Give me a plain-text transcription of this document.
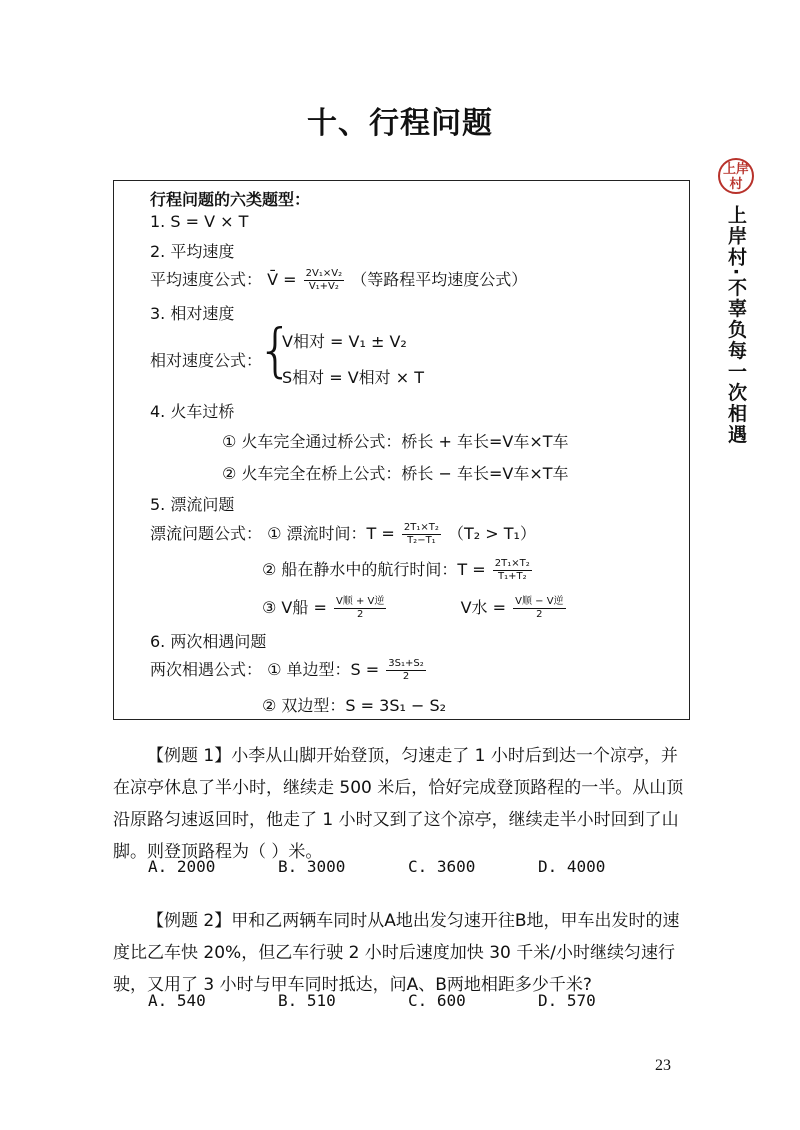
十、行程问题
上岸村
上岸村·不辜负每一次相遇
行程问题的六类题型：
1. S = V × T
2. 平均速度
平均速度公式： V̄ = $\frac{\text{2V₁×V₂}}{\text{V₁+V₂}}$ （等路程平均速度公式）
3. 相对速度
相对速度公式：
{
V相对 = V₁ ± V₂
S相对 = V相对 × T
4. 火车过桥
① 火车完全通过桥公式：桥长 + 车长=V车×T车
② 火车完全在桥上公式：桥长 − 车长=V车×T车
5. 漂流问题
漂流问题公式： ① 漂流时间：$T = \frac{\text{2T₁×T₂}}{\text{T₂−T₁}} (T_2 > T_1)$
② 船在静水中的航行时间：$T = \frac{\text{2T₁×T₂}}{\text{T₁+T₂}}$
③ V船 = $\frac{\text{V顺 + V逆}}{2}$	V水 = $\frac{\text{V顺 − V逆}}{2}$
6. 两次相遇问题
两次相遇公式： ① 单边型：$S = \frac{\text{3S₁+S₂}}{2}$
② 双边型：S = 3S₁ − S₂
【例题 1】小李从山脚开始登顶，匀速走了 1 小时后到达一个凉亭，并在凉亭休息了半小时，继续走 500 米后，恰好完成登顶路程的一半。从山顶沿原路匀速返回时，他走了 1 小时又到了这个凉亭，继续走半小时回到了山脚。则登顶路程为（ ）米。
A. 2000	B. 3000	C. 3600	D. 4000
【例题 2】甲和乙两辆车同时从A地出发匀速开往B地，甲车出发时的速度比乙车快 20%，但乙车行驶 2 小时后速度加快 30 千米/小时继续匀速行驶，又用了 3 小时与甲车同时抵达，问A、B两地相距多少千米?
A. 540	B. 510	C. 600	D. 570
23
